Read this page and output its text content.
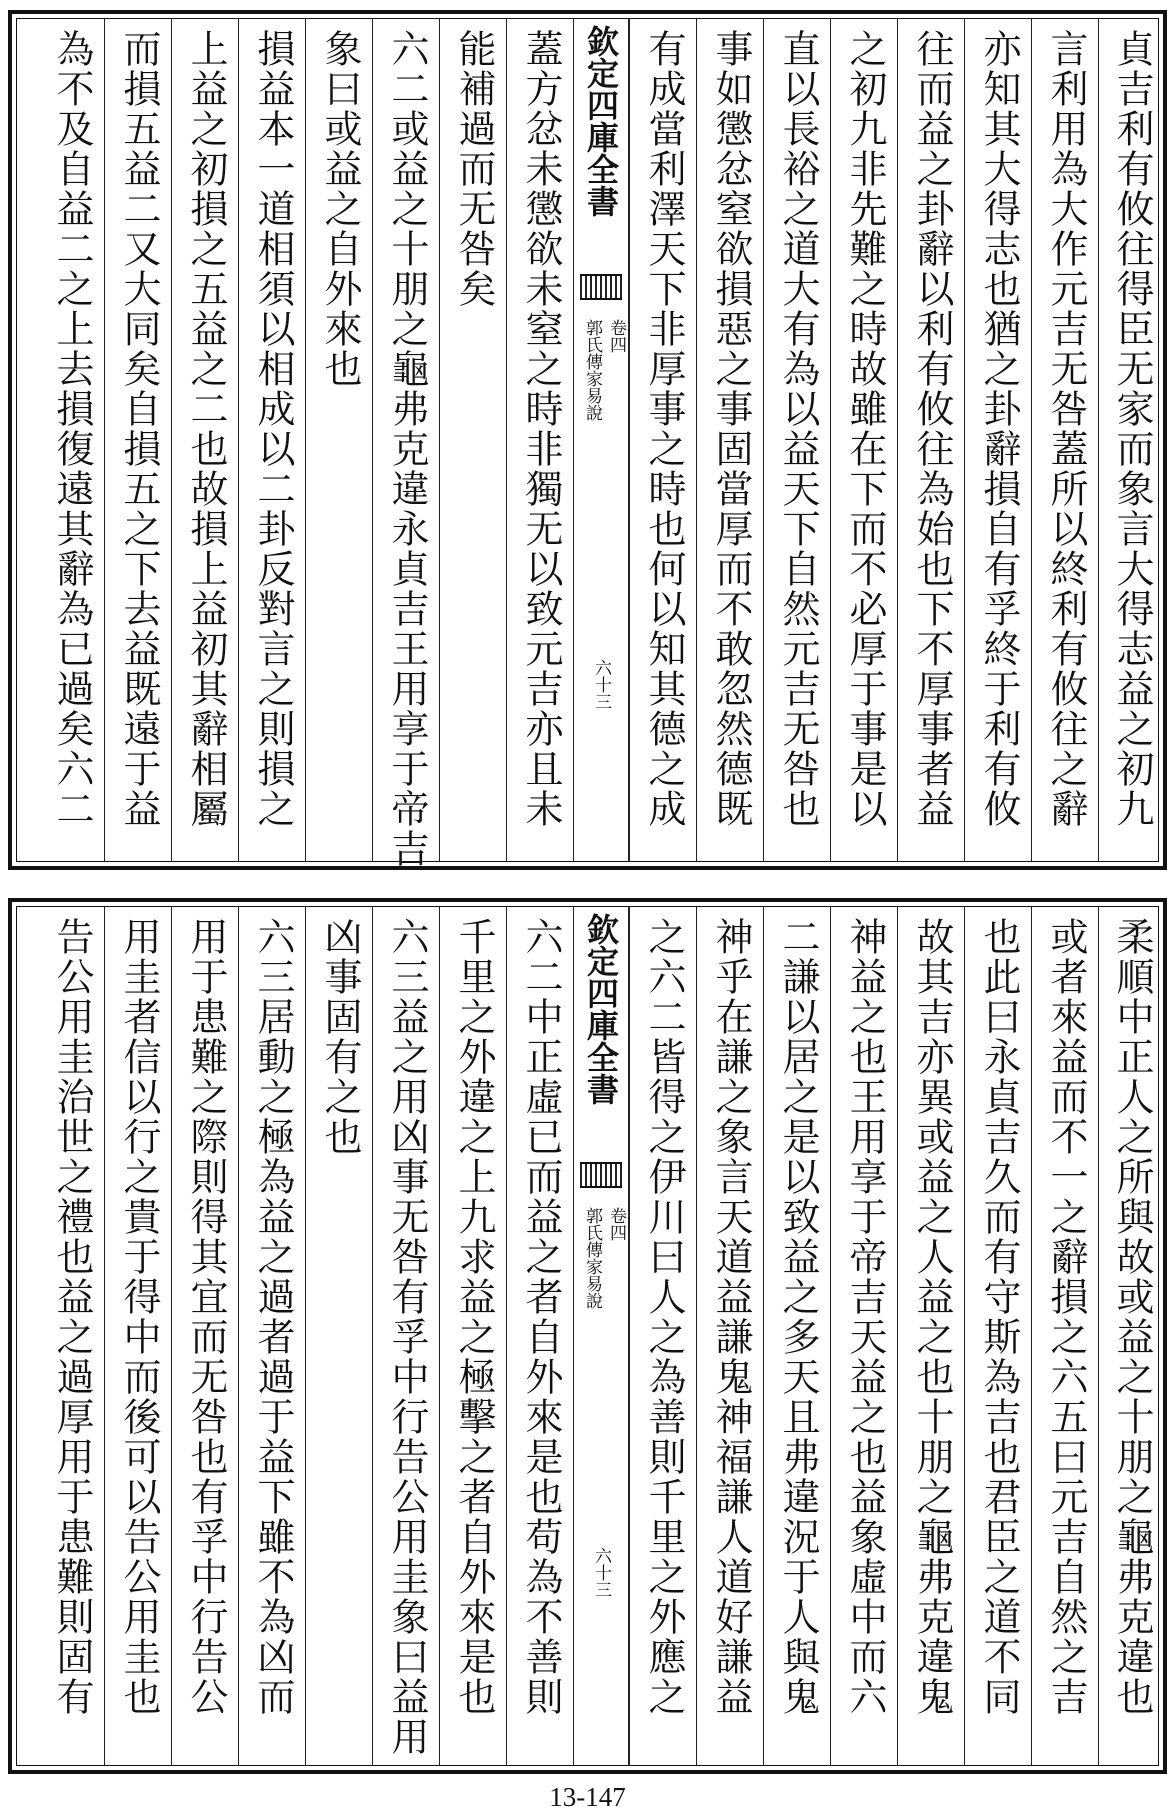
貞吉利有攸往得臣无家而象言大得志益之初九
言利用為大作元吉无咎蓋所以終利有攸往之辭
亦知其大得志也猶之卦辭損自有孚終于利有攸
往而益之卦辭以利有攸往為始也下不厚事者益
之初九非先難之時故雖在下而不必厚于事是以
直以長裕之道大有為以益天下自然元吉无咎也
事如懲忿窒欲損惡之事固當厚而不敢忽然德既
有成當利澤天下非厚事之時也何以知其德之成
欽定四庫全書
郭氏傳家易說 卷四
六十三
蓋方忿未懲欲未窒之時非獨无以致元吉亦且未
能補過而无咎矣
六二或益之十朋之龜弗克違永貞吉王用享于帝吉
象曰或益之自外來也
損益本一道相須以相成以二卦反對言之則損之
上益之初損之五益之二也故損上益初其辭相屬
而損五益二又大同矣自損五之下去益既遠于益
為不及自益二之上去損復遠其辭為已過矣六二
柔順中正人之所與故或益之十朋之龜弗克違也
或者來益而不一之辭損之六五曰元吉自然之吉
也此曰永貞吉久而有守斯為吉也君臣之道不同
故其吉亦異或益之人益之也十朋之龜弗克違鬼
神益之也王用享于帝吉天益之也益象虛中而六
二謙以居之是以致益之多天且弗違況于人與鬼
神乎在謙之象言天道益謙鬼神福謙人道好謙益
之六二皆得之伊川曰人之為善則千里之外應之
欽定四庫全書
郭氏傳家易說 卷四
六十三
六二中正虛已而益之者自外來是也苟為不善則
千里之外違之上九求益之極擊之者自外來是也
六三益之用凶事无咎有孚中行告公用圭象曰益用
凶事固有之也
六三居動之極為益之過者過于益下雖不為凶而
用于患難之際則得其宜而无咎也有孚中行告公
用圭者信以行之貴于得中而後可以告公用圭也
告公用圭治世之禮也益之過厚用于患難則固有
13-147
